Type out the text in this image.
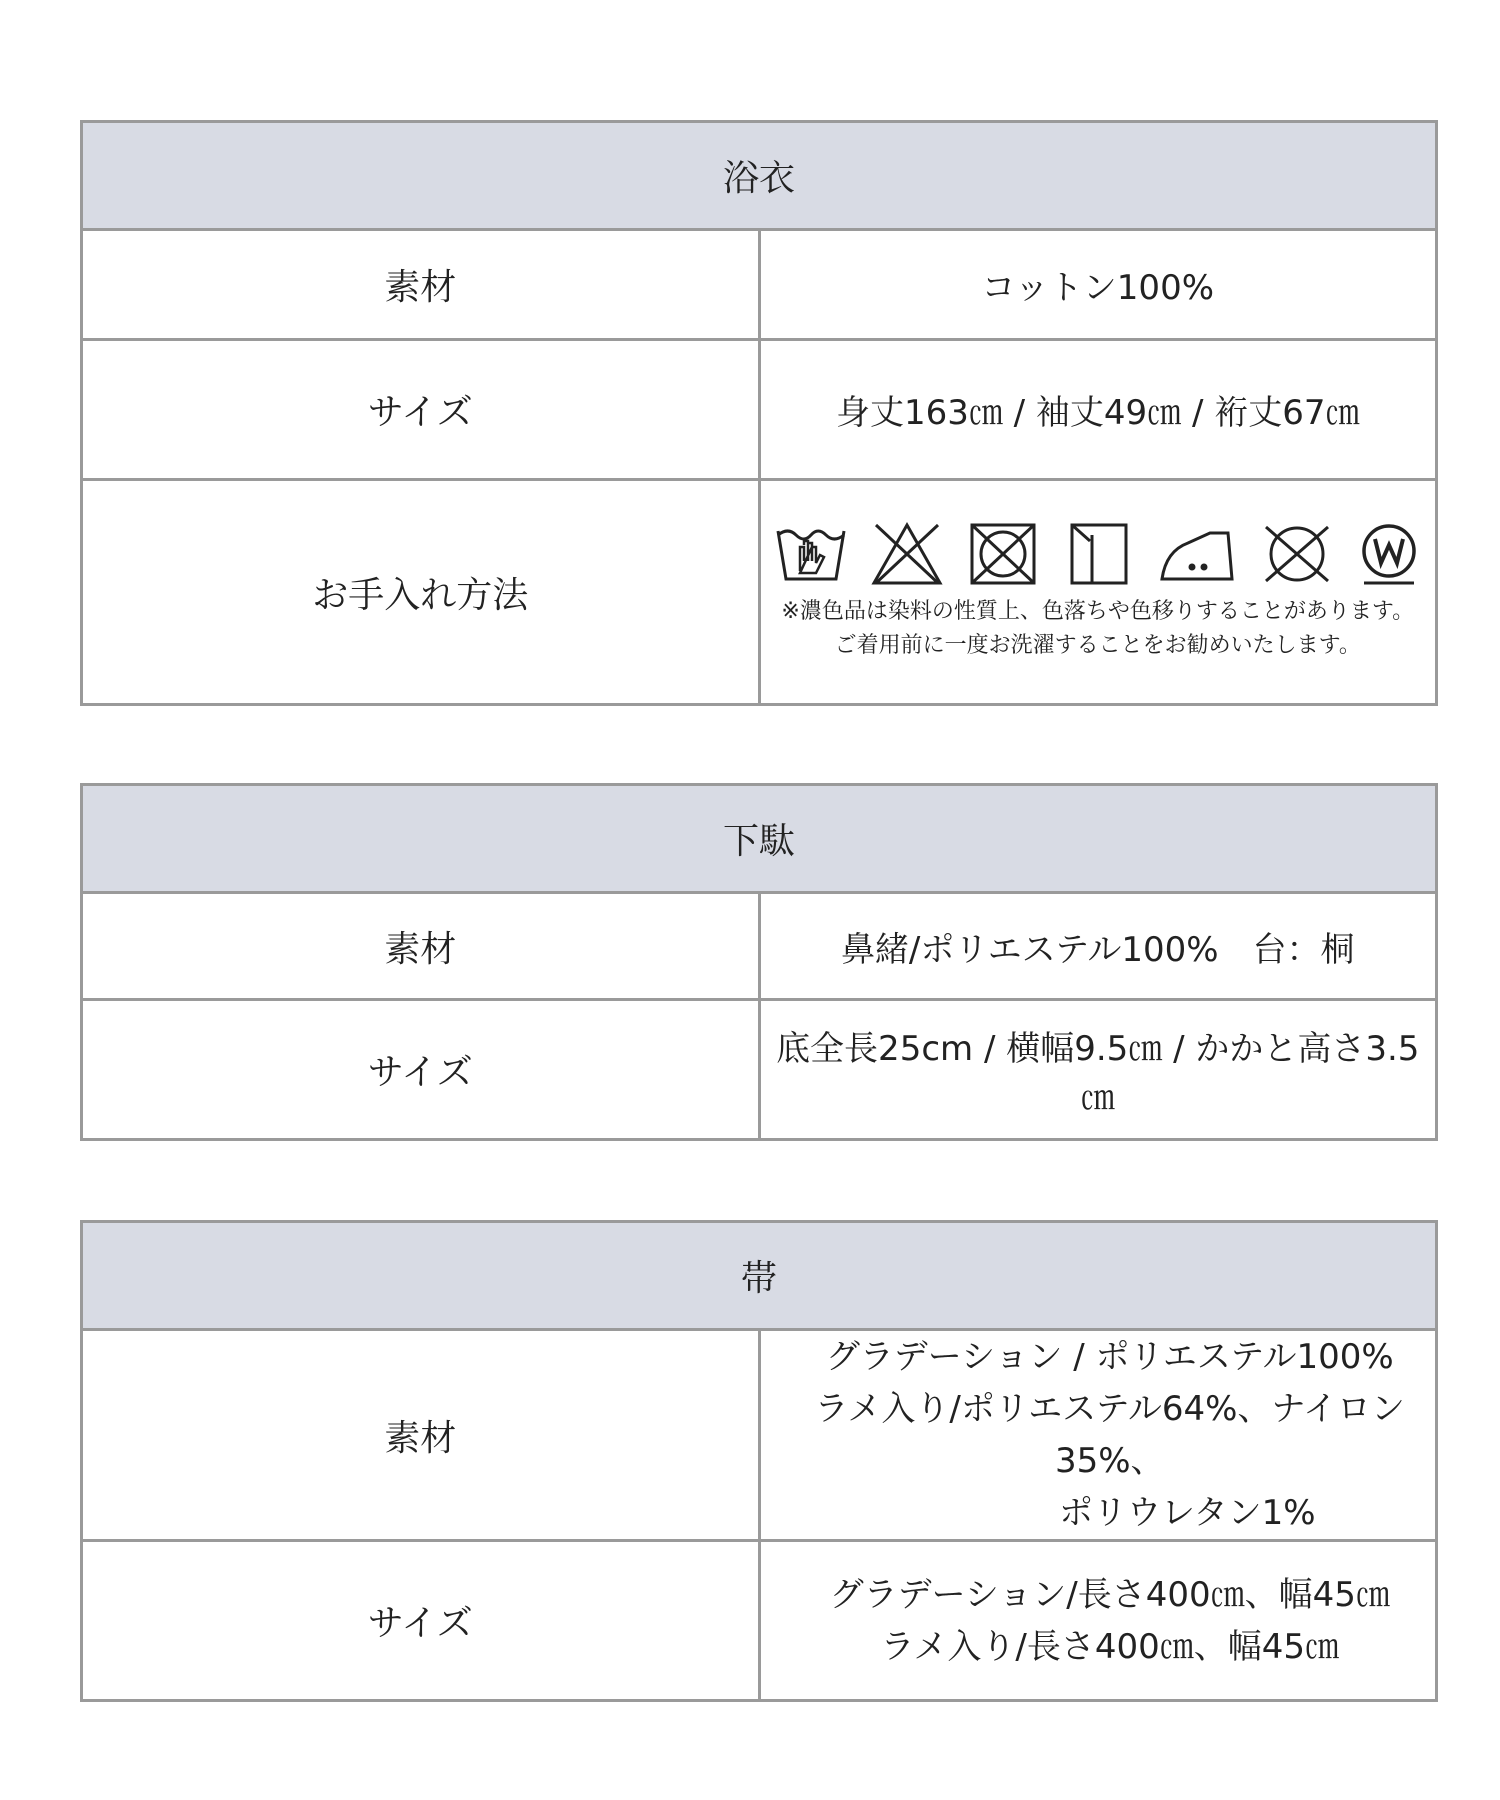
浴衣	
素材	コットン100%
サイズ	身丈163㎝ / 袖丈49㎝ / 裄丈67㎝
お手入れ方法	※濃色品は染料の性質上、色落ちや色移りすることがあります。
ご着用前に一度お洗濯することをお勧めいたします。
下駄	
素材	鼻緒/ポリエステル100%　台：桐
サイズ	底全長25cm / 横幅9.5㎝ / かかと高さ3.5㎝
帯	
素材	グラデーション / ポリエステル100%
ラメ入り/ポリエステル64%、ナイロン35%、
ポリウレタン1%

サイズ	グラデーション/長さ400㎝、幅45㎝
ラメ入り/長さ400㎝、幅45㎝
